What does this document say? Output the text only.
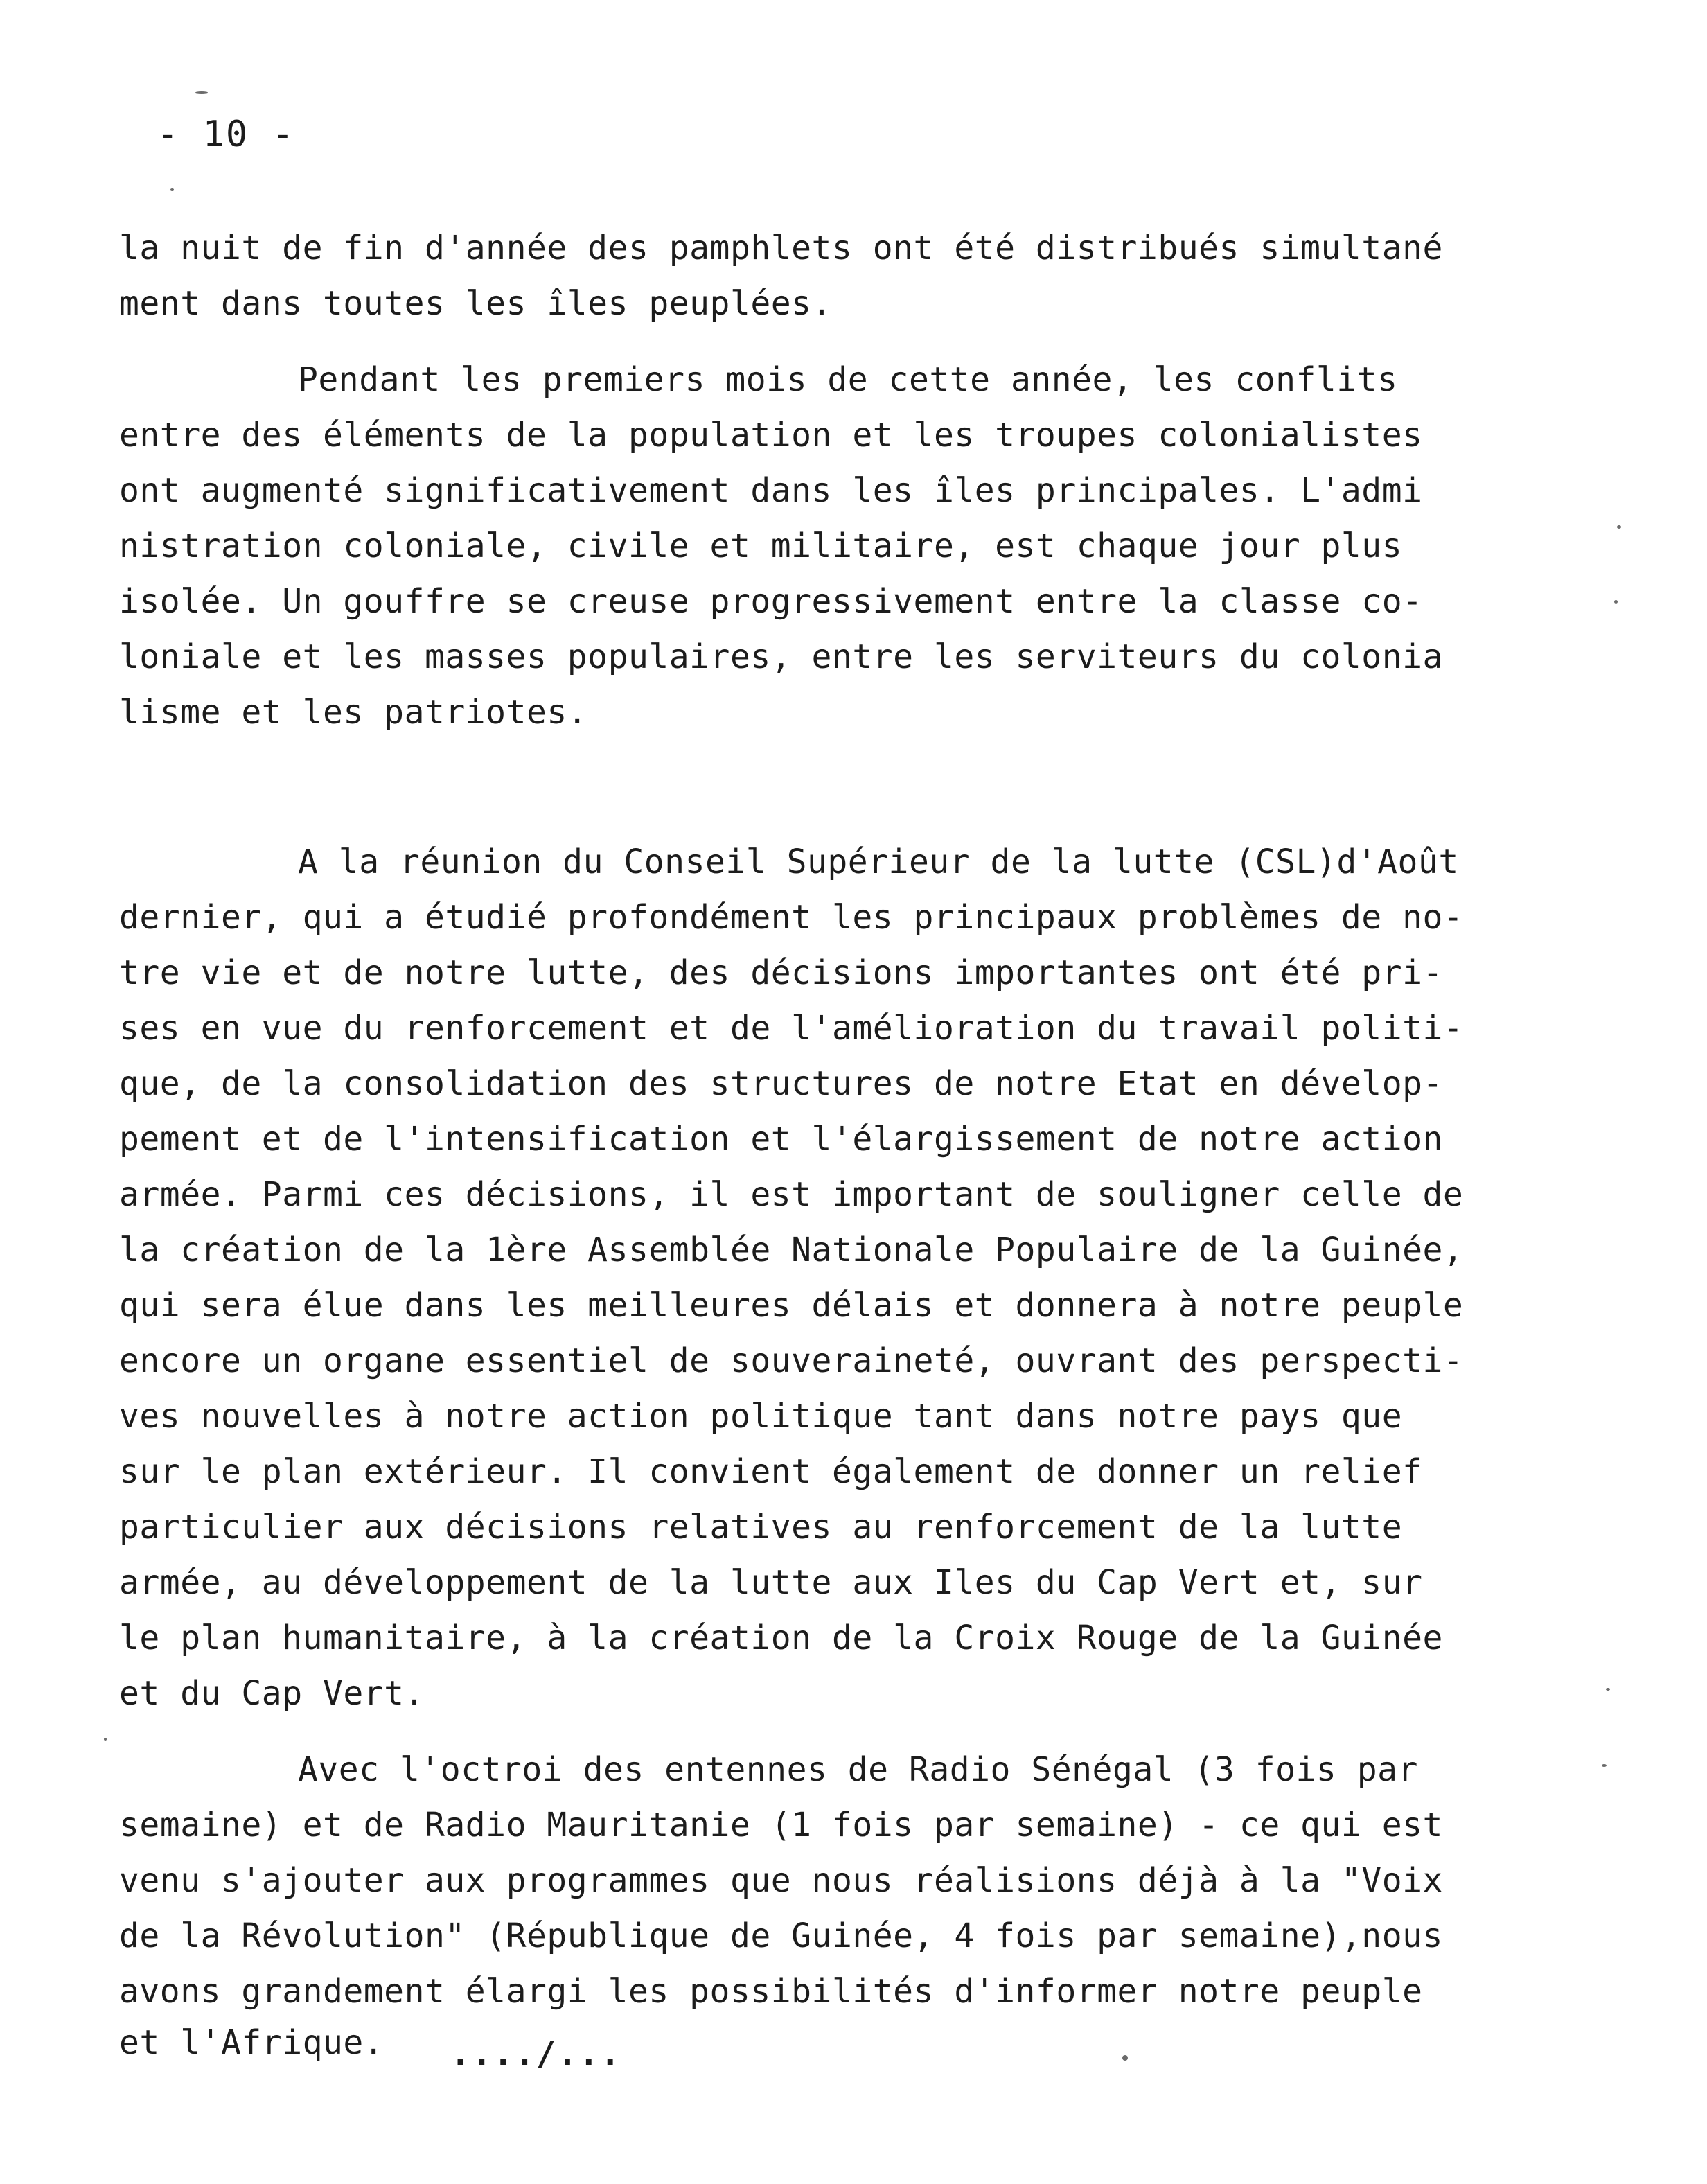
- 10 -
la nuit de fin d'année des pamphlets ont été distribués simultané
ment dans toutes les îles peuplées.
Pendant les premiers mois de cette année, les conflits
entre des éléments de la population et les troupes colonialistes
ont augmenté significativement dans les îles principales. L'admi
nistration coloniale, civile et militaire, est chaque jour plus
isolée. Un gouffre se creuse progressivement entre la classe co-
loniale et les masses populaires, entre les serviteurs du colonia
lisme et les patriotes.
A la réunion du Conseil Supérieur de la lutte (CSL)d'Août
dernier, qui a étudié profondément les principaux problèmes de no-
tre vie et de notre lutte, des décisions importantes ont été pri-
ses en vue du renforcement et de l'amélioration du travail politi-
que, de la consolidation des structures de notre Etat en dévelop-
pement et de l'intensification et l'élargissement de notre action
armée. Parmi ces décisions, il est important de souligner celle de
la création de la 1ère Assemblée Nationale Populaire de la Guinée,
qui sera élue dans les meilleures délais et donnera à notre peuple
encore un organe essentiel de souveraineté, ouvrant des perspecti-
ves nouvelles à notre action politique tant dans notre pays que
sur le plan extérieur. Il convient également de donner un relief
particulier aux décisions relatives au renforcement de la lutte
armée, au développement de la lutte aux Iles du Cap Vert et, sur
le plan humanitaire, à la création de la Croix Rouge de la Guinée
et du Cap Vert.
Avec l'octroi des entennes de Radio Sénégal (3 fois par
semaine) et de Radio Mauritanie (1 fois par semaine) - ce qui est
venu s'ajouter aux programmes que nous réalisions déjà à la "Voix
de la Révolution" (République de Guinée, 4 fois par semaine),nous
avons grandement élargi les possibilités d'informer notre peuple
et l'Afrique.	..../...
